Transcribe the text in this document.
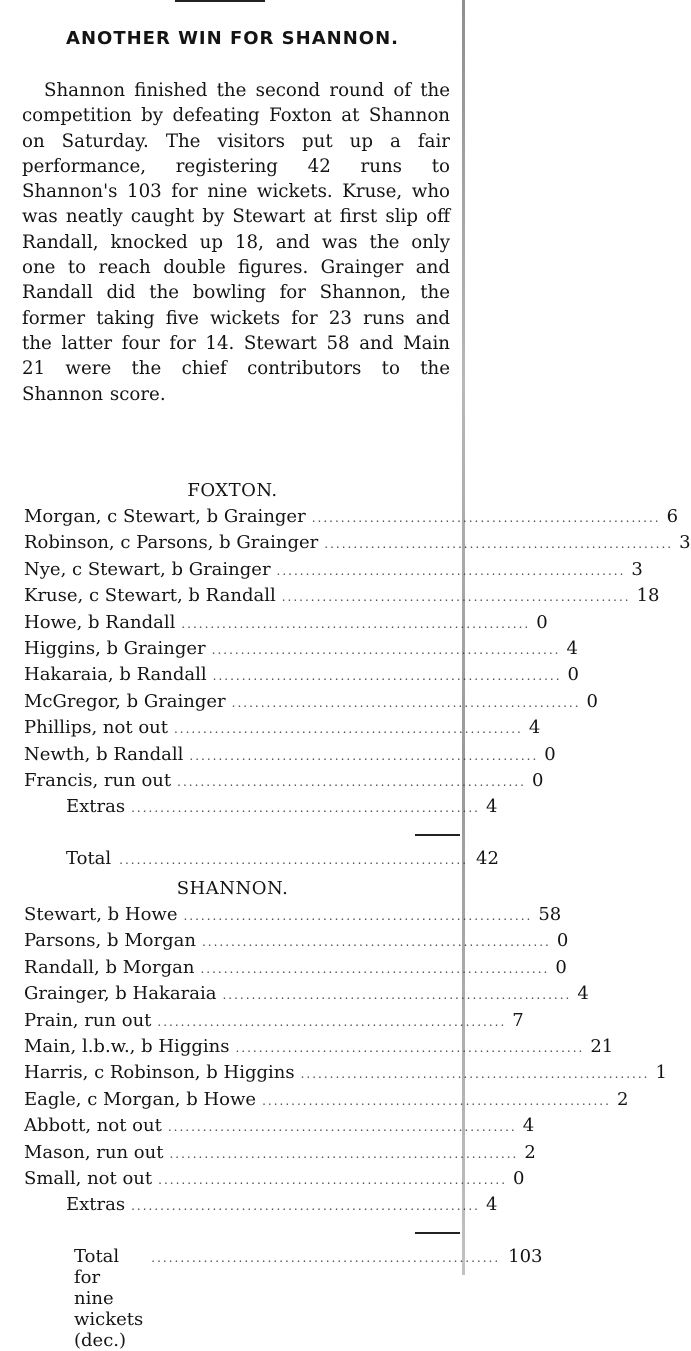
ANOTHER WIN FOR SHANNON.
Shannon finished the second round of the competition by defeating Foxton at Shannon on Saturday. The visitors put up a fair performance, registering 42 runs to Shannon's 103 for nine wickets. Kruse, who was neatly caught by Stewart at first slip off Randall, knocked up 18, and was the only one to reach double figures. Grainger and Randall did the bowling for Shannon, the former taking five wickets for 23 runs and the latter four for 14. Stewart 58 and Main 21 were the chief contributors to the Shannon score.
FOXTON.
Morgan, c Stewart, b Grainger ............................................................ 6
Robinson, c Parsons, b Grainger ............................................................ 3
Nye, c Stewart, b Grainger ............................................................ 3
Kruse, c Stewart, b Randall ............................................................ 18
Howe, b Randall ............................................................ 0
Higgins, b Grainger ............................................................ 4
Hakaraia, b Randall ............................................................ 0
McGregor, b Grainger ............................................................ 0
Phillips, not out ............................................................ 4
Newth, b Randall ............................................................ 0
Francis, run out ............................................................ 0
Extras ............................................................ 4
Total ............................................................ 42
SHANNON.
Stewart, b Howe ............................................................ 58
Parsons, b Morgan ............................................................ 0
Randall, b Morgan ............................................................ 0
Grainger, b Hakaraia ............................................................ 4
Prain, run out ............................................................ 7
Main, l.b.w., b Higgins ............................................................ 21
Harris, c Robinson, b Higgins ............................................................ 1
Eagle, c Morgan, b Howe ............................................................ 2
Abbott, not out ............................................................ 4
Mason, run out ............................................................ 2
Small, not out ............................................................ 0
Extras ............................................................ 4
Total for nine wickets (dec.)
............................................................ 103
